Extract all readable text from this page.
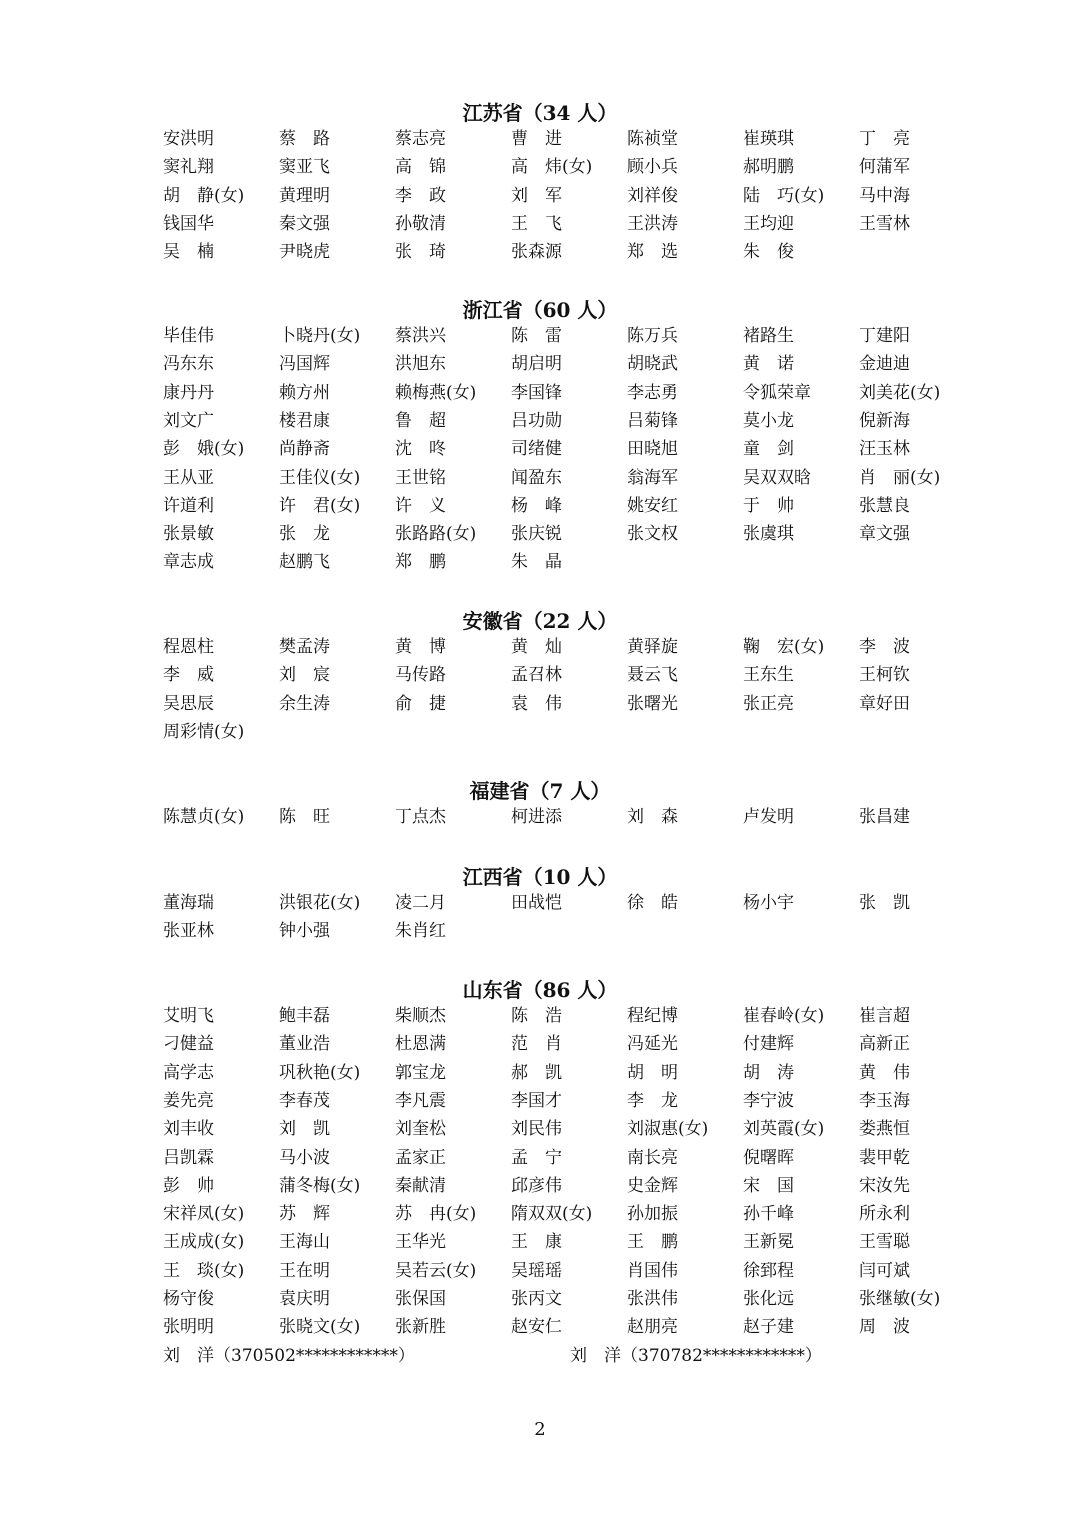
江苏省（34 人）
安洪明	蔡　路	蔡志亮	曹　进	陈祯堂	崔瑛琪	丁　亮
窦礼翔	窦亚飞	高　锦	高　炜(女) 顾小兵	郝明鹏	何蒲军
胡　静(女) 黄理明	李　政	刘　军	刘祥俊	陆　巧(女) 马中海
钱国华	秦文强	孙敬清	王　飞	王洪涛	王均迎	王雪林
吴　楠	尹晓虎	张　琦	张森源	郑　选	朱　俊
浙江省（60 人）
毕佳伟	卜晓丹(女) 蔡洪兴	陈　雷	陈万兵	褚路生	丁建阳
冯东东	冯国辉	洪旭东	胡启明	胡晓武	黄　诺	金迪迪
康丹丹	赖方州	赖梅燕(女) 李国锋	李志勇	令狐荣章	刘美花(女)
刘文广	楼君康	鲁　超	吕功勋	吕菊锋	莫小龙	倪新海
彭　娥(女) 尚静斋	沈　咚	司绪健	田晓旭	童　剑	汪玉林
王从亚	王佳仪(女) 王世铭	闻盈东	翁海军	吴双双晗	肖　丽(女)
许道利	许　君(女) 许　义	杨　峰	姚安红	于　帅	张慧良
张景敏	张　龙	张路路(女) 张庆锐	张文权	张虞琪	章文强
章志成	赵鹏飞	郑　鹏	朱　晶
安徽省（22 人）
程恩柱	樊孟涛	黄　博	黄　灿	黄驿旋	鞠　宏(女) 李　波
李　威	刘　宸	马传路	孟召林	聂云飞	王东生	王柯钦
吴思辰	余生涛	俞　捷	袁　伟	张曙光	张正亮	章好田
周彩情(女)
福建省（7 人）
陈慧贞(女) 陈　旺	丁点杰	柯进添	刘　森	卢发明	张昌建
江西省（10 人）
董海瑞	洪银花(女) 凌二月	田战恺	徐　皓	杨小宇	张　凯
张亚林	钟小强	朱肖红
山东省（86 人）
艾明飞	鲍丰磊	柴顺杰	陈　浩	程纪博	崔春岭(女) 崔言超
刁健益	董业浩	杜恩满	范　肖	冯延光	付建辉	高新正
高学志	巩秋艳(女) 郭宝龙	郝　凯	胡　明	胡　涛	黄　伟
姜先亮	李春茂	李凡震	李国才	李　龙	李宁波	李玉海
刘丰收	刘　凯	刘奎松	刘民伟	刘淑惠(女) 刘英霞(女) 娄燕恒
吕凯霖	马小波	孟家正	孟　宁	南长亮	倪曙晖	裴甲乾
彭　帅	蒲冬梅(女) 秦献清	邱彦伟	史金辉	宋　国	宋汝先
宋祥凤(女) 苏　辉	苏　冉(女) 隋双双(女) 孙加振	孙千峰	所永利
王成成(女) 王海山	王华光	王　康	王　鹏	王新冕	王雪聪
王　琰(女) 王在明	吴若云(女) 吴瑶瑶	肖国伟	徐郅程	闫可斌
杨守俊	袁庆明	张保国	张丙文	张洪伟	张化远	张继敏(女)
张明明	张晓文(女) 张新胜	赵安仁	赵朋亮	赵子建	周　波
刘　洋（370502************）	刘　洋（370782************）
2
